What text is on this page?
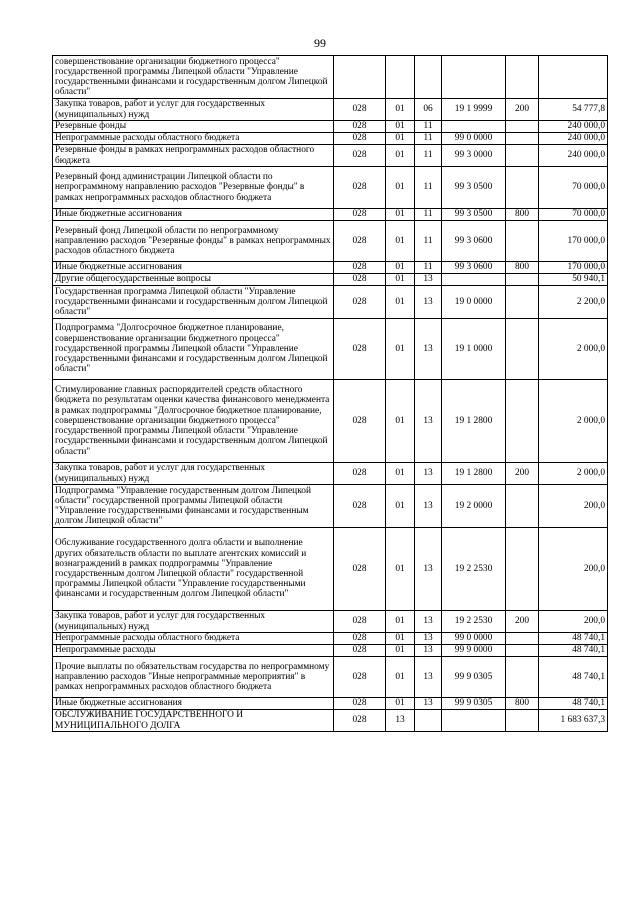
99
совершенствование организации бюджетного процесса" государственной программы Липецкой области "Управление государственными финансами и государственным долгом Липецкой области"						
Закупка товаров, работ и услуг для государственных (муниципальных) нужд	028	01	06	19 1 9999	200	54 777,8
Резервные фонды	028	01	11			240 000,0
Непрограммные расходы областного бюджета	028	01	11	99 0 0000		240 000,0
Резервные фонды в рамках непрограммных расходов областного бюджета	028	01	11	99 3 0000		240 000,0
Резервный фонд администрации Липецкой области по непрограммному направлению расходов "Резервные фонды" в рамках непрограммных расходов областного бюджета	028	01	11	99 3 0500		70 000,0
Иные бюджетные ассигнования	028	01	11	99 3 0500	800	70 000,0
Резервный фонд Липецкой области по непрограммному направлению расходов "Резервные фонды" в рамках непрограммных расходов областного бюджета	028	01	11	99 3 0600		170 000,0
Иные бюджетные ассигнования	028	01	11	99 3 0600	800	170 000,0
Другие общегосударственные вопросы	028	01	13			50 940,1
Государственная программа Липецкой области "Управление государственными финансами и государственным долгом Липецкой области"	028	01	13	19 0 0000		2 200,0
Подпрограмма "Долгосрочное бюджетное планирование, совершенствование организации бюджетного процесса" государственной программы Липецкой области "Управление государственными финансами и государственным долгом Липецкой области"	028	01	13	19 1 0000		2 000,0
Стимулирование главных распорядителей средств областного бюджета по результатам оценки качества финансового менеджмента в рамках подпрограммы "Долгосрочное бюджетное планирование, совершенствование организации бюджетного процесса" государственной программы Липецкой области "Управление государственными финансами и государственным долгом Липецкой области"	028	01	13	19 1 2800		2 000,0
Закупка товаров, работ и услуг для государственных (муниципальных) нужд	028	01	13	19 1 2800	200	2 000,0
Подпрограмма "Управление государственным долгом Липецкой области" государственной программы Липецкой области "Управление государственными финансами и государственным долгом Липецкой области"	028	01	13	19 2 0000		200,0
Обслуживание государственного долга области и выполнение других обязательств области по выплате агентских комиссий и вознаграждений в рамках подпрограммы "Управление государственным долгом Липецкой области" государственной программы Липецкой области "Управление государственными финансами и государственным долгом Липецкой области"	028	01	13	19 2 2530		200,0
Закупка товаров, работ и услуг для государственных (муниципальных) нужд	028	01	13	19 2 2530	200	200,0
Непрограммные расходы областного бюджета	028	01	13	99 0 0000		48 740,1
Непрограммные расходы	028	01	13	99 9 0000		48 740,1
Прочие выплаты по обязательствам государства по непрограммному направлению расходов "Иные непрограммные мероприятия" в рамках непрограммных расходов областного бюджета	028	01	13	99 9 0305		48 740,1
Иные бюджетные ассигнования	028	01	13	99 9 0305	800	48 740,1
ОБСЛУЖИВАНИЕ ГОСУДАРСТВЕННОГО И МУНИЦИПАЛЬНОГО ДОЛГА	028	13				1 683 637,3
